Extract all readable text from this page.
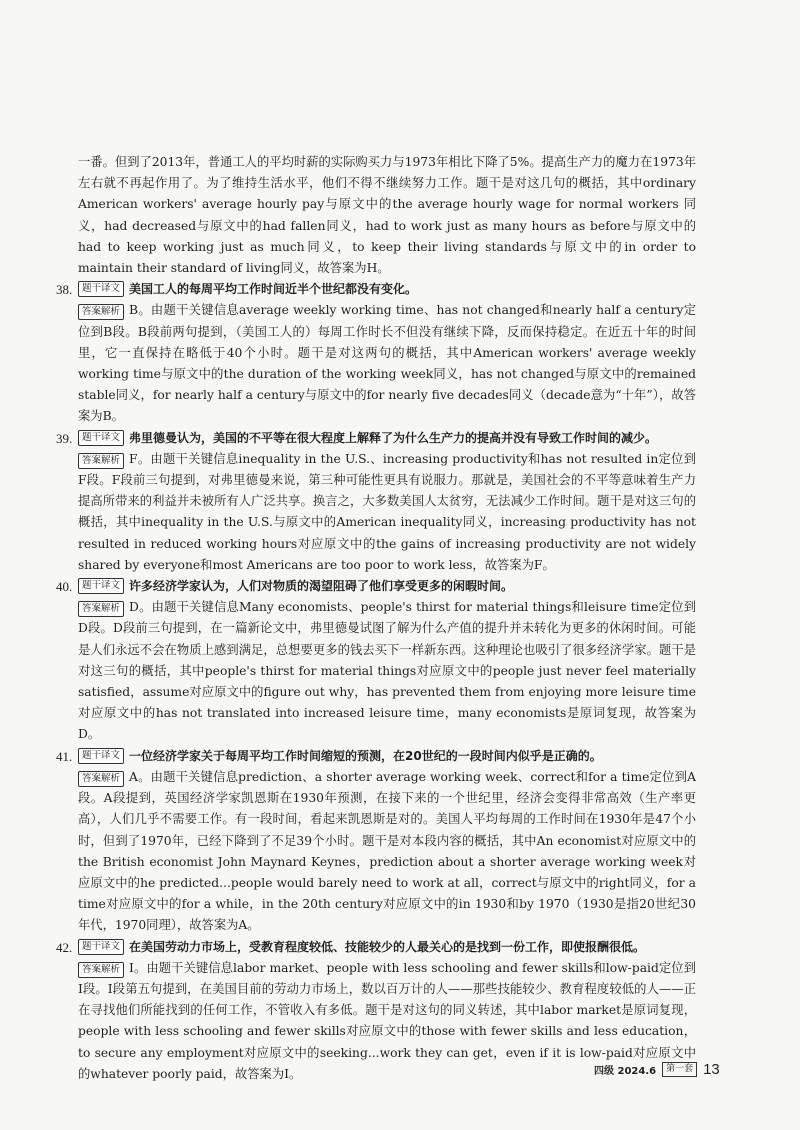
一番。但到了2013年，普通工人的平均时薪的实际购买力与1973年相比下降了5%。提高生产力的魔力在1973年左右就不再起作用了。为了维持生活水平，他们不得不继续努力工作。题干是对这几句的概括，其中ordinary American workers' average hourly pay与原文中的the average hourly wage for normal workers 同义，had decreased与原文中的had fallen同义，had to work just as many hours as before与原文中的had to keep working just as much同义，to keep their living standards与原文中的in order to maintain their standard of living同义，故答案为H。

38.	题干译文 美国工人的每周平均工作时间近半个世纪都没有变化。

答案解析 B。由题干关键信息average weekly working time、has not changed和nearly half a century定位到B段。B段前两句提到，（美国工人的）每周工作时长不但没有继续下降，反而保持稳定。在近五十年的时间里，它一直保持在略低于40个小时。题干是对这两句的概括，其中American workers' average weekly working time与原文中的the duration of the working week同义，has not changed与原文中的remained stable同义，for nearly half a century与原文中的for nearly five decades同义（decade意为“十年”），故答案为B。

39.	题干译文 弗里德曼认为，美国的不平等在很大程度上解释了为什么生产力的提高并没有导致工作时间的减少。

答案解析 F。由题干关键信息inequality in the U.S.、increasing productivity和has not resulted in定位到F段。F段前三句提到，对弗里德曼来说，第三种可能性更具有说服力。那就是，美国社会的不平等意味着生产力提高所带来的利益并未被所有人广泛共享。换言之，大多数美国人太贫穷，无法减少工作时间。题干是对这三句的概括，其中inequality in the U.S.与原文中的American inequality同义，increasing productivity has not resulted in reduced working hours对应原文中的the gains of increasing productivity are not widely shared by everyone和most Americans are too poor to work less，故答案为F。

40.	题干译文 许多经济学家认为，人们对物质的渴望阻碍了他们享受更多的闲暇时间。

答案解析 D。由题干关键信息Many economists、people's thirst for material things和leisure time定位到D段。D段前三句提到，在一篇新论文中，弗里德曼试图了解为什么产值的提升并未转化为更多的休闲时间。可能是人们永远不会在物质上感到满足，总想要更多的钱去买下一样新东西。这种理论也吸引了很多经济学家。题干是对这三句的概括，其中people's thirst for material things对应原文中的people just never feel materially satisfied，assume对应原文中的figure out why，has prevented them from enjoying more leisure time对应原文中的has not translated into increased leisure time，many economists是原词复现，故答案为D。

41.	题干译文 一位经济学家关于每周平均工作时间缩短的预测，在20世纪的一段时间内似乎是正确的。

答案解析 A。由题干关键信息prediction、a shorter average working week、correct和for a time定位到A段。A段提到，英国经济学家凯恩斯在1930年预测，在接下来的一个世纪里，经济会变得非常高效（生产率更高），人们几乎不需要工作。有一段时间，看起来凯恩斯是对的。美国人平均每周的工作时间在1930年是47个小时，但到了1970年，已经下降到了不足39个小时。题干是对本段内容的概括，其中An economist对应原文中的the British economist John Maynard Keynes，prediction about a shorter average working week对应原文中的he predicted...people would barely need to work at all，correct与原文中的right同义，for a time对应原文中的for a while，in the 20th century对应原文中的in 1930和by 1970（1930是指20世纪30年代，1970同理），故答案为A。

42.	题干译文 在美国劳动力市场上，受教育程度较低、技能较少的人最关心的是找到一份工作，即使报酬很低。

答案解析 I。由题干关键信息labor market、people with less schooling and fewer skills和low-paid定位到I段。I段第五句提到，在美国目前的劳动力市场上，数以百万计的人——那些技能较少、教育程度较低的人——正在寻找他们所能找到的任何工作，不管收入有多低。题干是对这句的同义转述，其中labor market是原词复现，people with less schooling and fewer skills对应原文中的those with fewer skills and less education，to secure any employment对应原文中的seeking...work they can get，even if it is low-paid对应原文中的whatever poorly paid，故答案为I。	四级 2024.6	第一套 13
